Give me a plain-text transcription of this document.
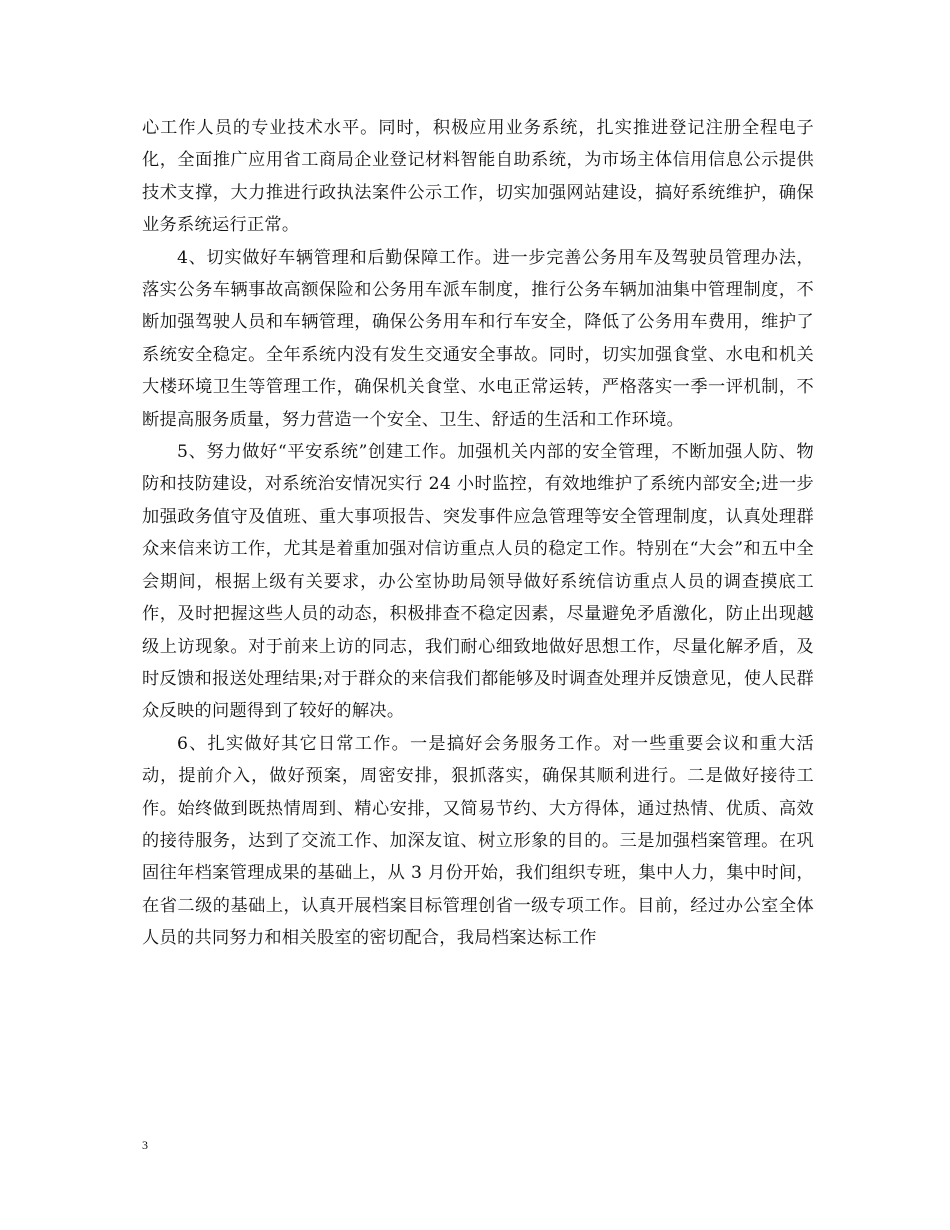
心工作人员的专业技术水平。同时，积极应用业务系统，扎实推进登记注册全程电子化，全面推广应用省工商局企业登记材料智能自助系统，为市场主体信用信息公示提供技术支撑，大力推进行政执法案件公示工作，切实加强网站建设，搞好系统维护，确保业务系统运行正常。

4、切实做好车辆管理和后勤保障工作。进一步完善公务用车及驾驶员管理办法，落实公务车辆事故高额保险和公务用车派车制度，推行公务车辆加油集中管理制度，不断加强驾驶人员和车辆管理，确保公务用车和行车安全，降低了公务用车费用，维护了系统安全稳定。全年系统内没有发生交通安全事故。同时，切实加强食堂、水电和机关大楼环境卫生等管理工作，确保机关食堂、水电正常运转，严格落实一季一评机制，不断提高服务质量，努力营造一个安全、卫生、舒适的生活和工作环境。

5、努力做好“平安系统”创建工作。加强机关内部的安全管理，不断加强人防、物防和技防建设，对系统治安情况实行 24 小时监控，有效地维护了系统内部安全;进一步加强政务值守及值班、重大事项报告、突发事件应急管理等安全管理制度，认真处理群众来信来访工作，尤其是着重加强对信访重点人员的稳定工作。特别在“大会”和五中全会期间，根据上级有关要求，办公室协助局领导做好系统信访重点人员的调查摸底工作，及时把握这些人员的动态，积极排查不稳定因素，尽量避免矛盾激化，防止出现越级上访现象。对于前来上访的同志，我们耐心细致地做好思想工作，尽量化解矛盾，及时反馈和报送处理结果;对于群众的来信我们都能够及时调查处理并反馈意见，使人民群众反映的问题得到了较好的解决。

6、扎实做好其它日常工作。一是搞好会务服务工作。对一些重要会议和重大活动，提前介入，做好预案，周密安排，狠抓落实，确保其顺利进行。二是做好接待工作。始终做到既热情周到、精心安排，又简易节约、大方得体，通过热情、优质、高效的接待服务，达到了交流工作、加深友谊、树立形象的目的。三是加强档案管理。在巩固往年档案管理成果的基础上，从 3 月份开始，我们组织专班，集中人力，集中时间，在省二级的基础上，认真开展档案目标管理创省一级专项工作。目前，经过办公室全体人员的共同努力和相关股室的密切配合，我局档案达标工作

3
